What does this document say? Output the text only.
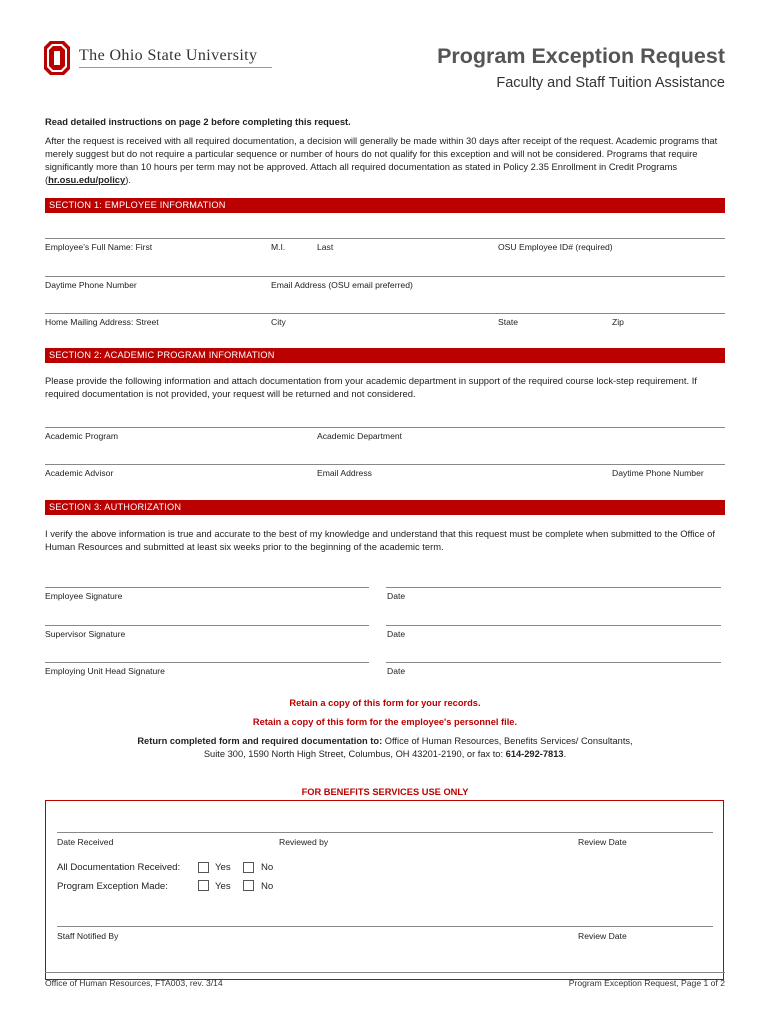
The Ohio State University	Program Exception Request
Faculty and Staff Tuition Assistance
Read detailed instructions on page 2 before completing this request.
After the request is received with all required documentation, a decision will generally be made within 30 days after receipt of the request. Academic programs that merely suggest but do not require a particular sequence or number of hours do not qualify for this exception and will not be considered. Programs that require significantly more than 10 hours per term may not be approved. Attach all required documentation as stated in Policy 2.35 Enrollment in Credit Programs (hr.osu.edu/policy).
SECTION 1: EMPLOYEE INFORMATION
Employee's Full Name: First	M.I.	Last	OSU Employee ID# (required)
Daytime Phone Number	Email Address (OSU email preferred)
Home Mailing Address: Street	City	State	Zip
SECTION 2: ACADEMIC PROGRAM INFORMATION
Please provide the following information and attach documentation from your academic department in support of the required course lock-step requirement. If required documentation is not provided, your request will be returned and not considered.
Academic Program	Academic Department
Academic Advisor	Email Address	Daytime Phone Number
SECTION 3: AUTHORIZATION
I verify the above information is true and accurate to the best of my knowledge and understand that this request must be complete when submitted to the Office of Human Resources and submitted at least six weeks prior to the beginning of the academic term.
Employee Signature	Date
Supervisor Signature	Date
Employing Unit Head Signature	Date
Retain a copy of this form for your records.
Retain a copy of this form for the employee's personnel file.
Return completed form and required documentation to: Office of Human Resources, Benefits Services/ Consultants,
Suite 300, 1590 North High Street, Columbus, OH 43201-2190, or fax to: 614-292-7813.
FOR BENEFITS SERVICES USE ONLY
Date Received	Reviewed by	Review Date
All Documentation Received:	Yes	No
Program Exception Made:	Yes	No
Staff Notified By	Review Date
Office of Human Resources, FTA003, rev. 3/14	Program Exception Request, Page 1 of 2
